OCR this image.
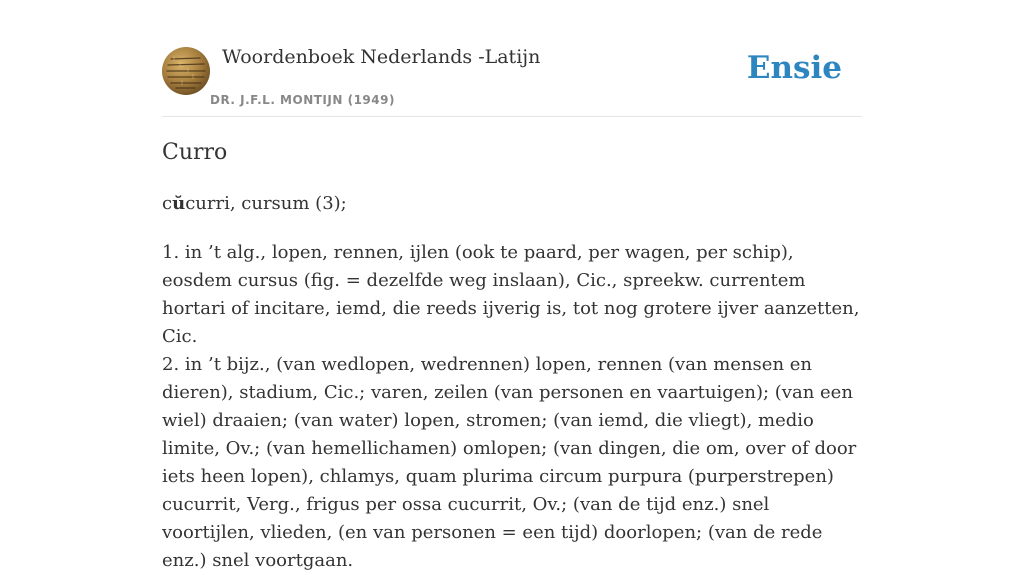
Woordenboek Nederlands -Latijn
DR. J.F.L. MONTIJN (1949)
Ensie
Curro
cŭcurri, cursum (3);

1. in ’t alg., lopen, rennen, ijlen (ook te paard, per wagen, per schip), eosdem cursus (fig. = dezelfde weg inslaan), Cic., spreekw. currentem hortari of incitare, iemd, die reeds ijverig is, tot nog grotere ijver aanzetten, Cic.

2. in ’t bijz., (van wedlopen, wedrennen) lopen, rennen (van mensen en dieren), stadium, Cic.; varen, zeilen (van personen en vaartuigen); (van een wiel) draaien; (van water) lopen, stromen; (van iemd, die vliegt), medio limite, Ov.; (van hemellichamen) omlopen; (van dingen, die om, over of door iets heen lopen), chlamys, quam plurima circum purpura (purperstrepen) cucurrit, Verg., frigus per ossa cucurrit, Ov.; (van de tijd enz.) snel voortijlen, vlieden, (en van personen = een tijd) doorlopen; (van de rede enz.) snel voortgaan.
